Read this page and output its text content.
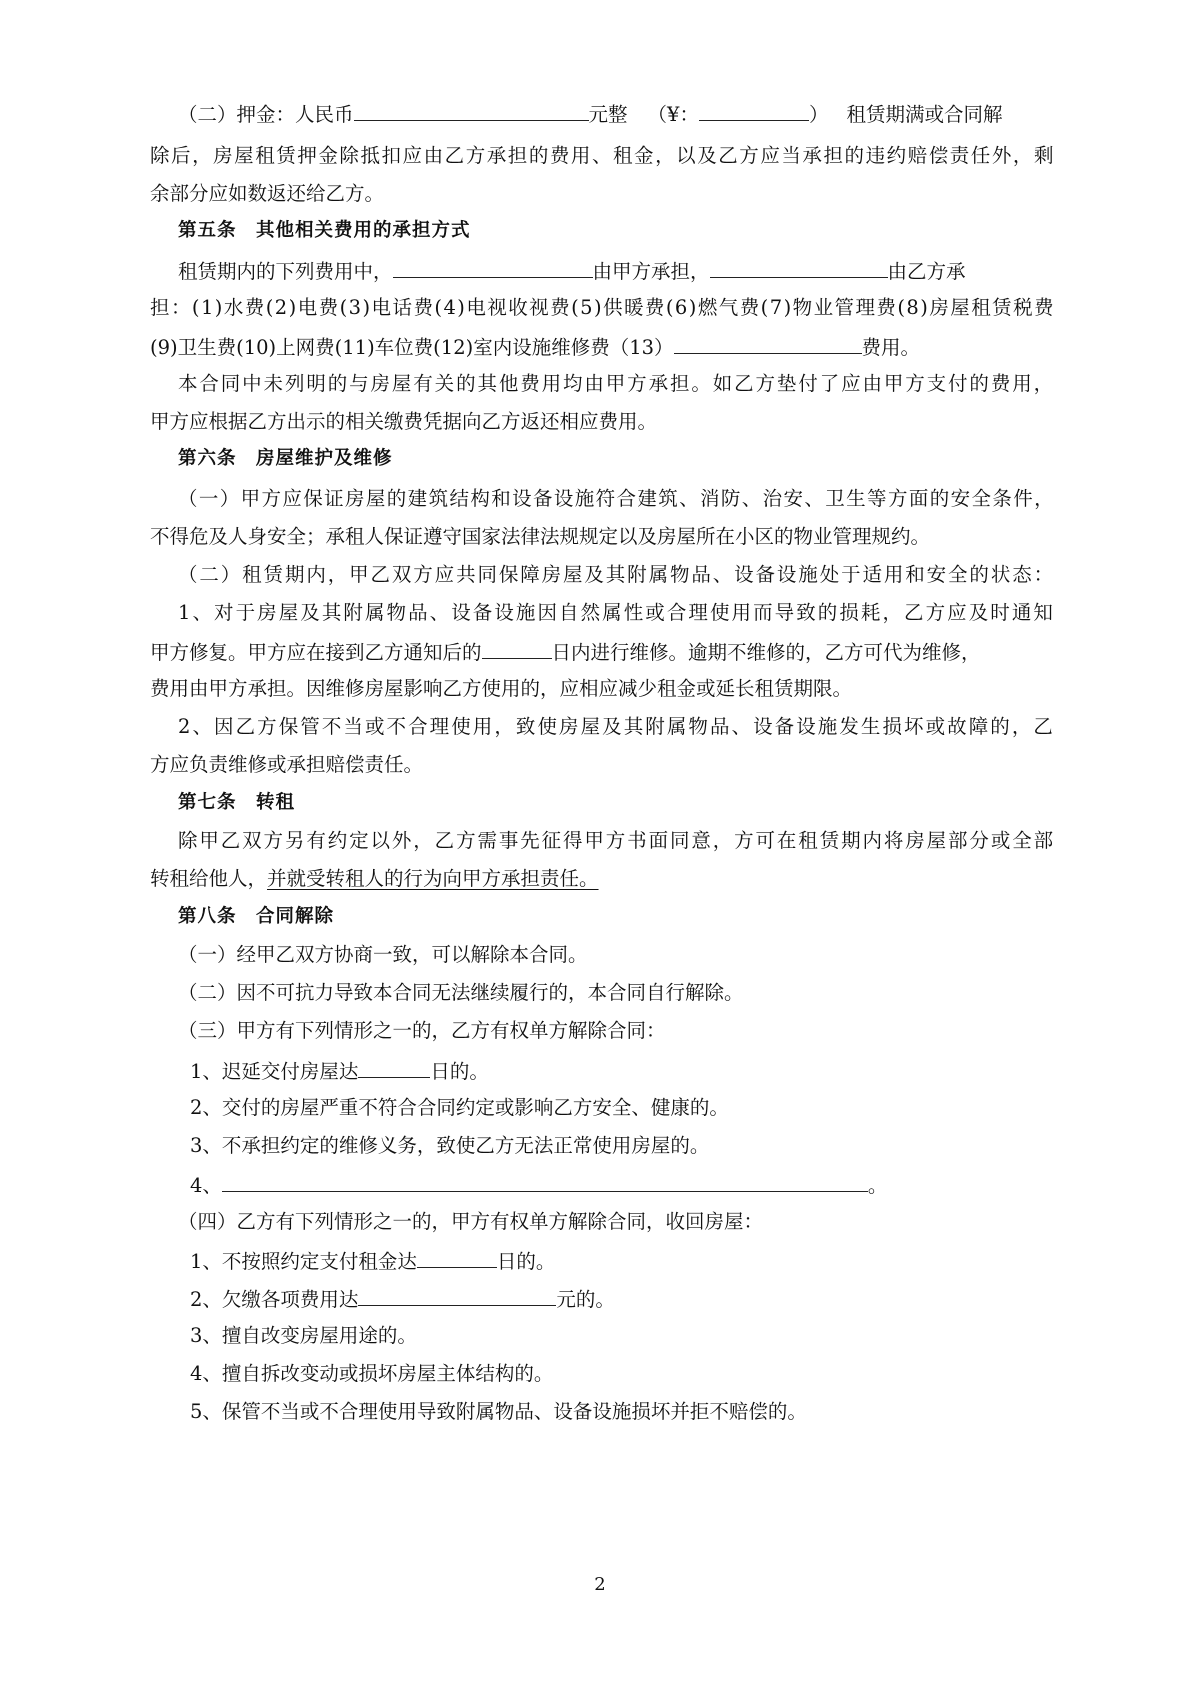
（二）押金：人民币	元整 （¥：	） 租赁期满或合同解
除后，房屋租赁押金除抵扣应由乙方承担的费用、租金，以及乙方应当承担的违约赔偿责任外，剩
余部分应如数返还给乙方。
第五条　其他相关费用的承担方式
租赁期内的下列费用中，	由甲方承担，	由乙方承
担：(1)水费(2)电费(3)电话费(4)电视收视费(5)供暖费(6)燃气费(7)物业管理费(8)房屋租赁税费
(9)卫生费(10)上网费(11)车位费(12)室内设施维修费（13）	费用。
本合同中未列明的与房屋有关的其他费用均由甲方承担。如乙方垫付了应由甲方支付的费用，
甲方应根据乙方出示的相关缴费凭据向乙方返还相应费用。
第六条　房屋维护及维修
（一）甲方应保证房屋的建筑结构和设备设施符合建筑、消防、治安、卫生等方面的安全条件，
不得危及人身安全；承租人保证遵守国家法律法规规定以及房屋所在小区的物业管理规约。
（二）租赁期内，甲乙双方应共同保障房屋及其附属物品、设备设施处于适用和安全的状态：
1、对于房屋及其附属物品、设备设施因自然属性或合理使用而导致的损耗，乙方应及时通知
甲方修复。甲方应在接到乙方通知后的	日内进行维修。逾期不维修的，乙方可代为维修，
费用由甲方承担。因维修房屋影响乙方使用的，应相应减少租金或延长租赁期限。
2、因乙方保管不当或不合理使用，致使房屋及其附属物品、设备设施发生损坏或故障的，乙
方应负责维修或承担赔偿责任。
第七条　转租
除甲乙双方另有约定以外，乙方需事先征得甲方书面同意，方可在租赁期内将房屋部分或全部
转租给他人，并就受转租人的行为向甲方承担责任。
第八条　合同解除
（一）经甲乙双方协商一致，可以解除本合同。
（二）因不可抗力导致本合同无法继续履行的，本合同自行解除。
（三）甲方有下列情形之一的，乙方有权单方解除合同：
1、迟延交付房屋达	日的。
2、交付的房屋严重不符合合同约定或影响乙方安全、健康的。
3、不承担约定的维修义务，致使乙方无法正常使用房屋的。
4、	。
（四）乙方有下列情形之一的，甲方有权单方解除合同，收回房屋：
1、不按照约定支付租金达	日的。
2、欠缴各项费用达	元的。
3、擅自改变房屋用途的。
4、擅自拆改变动或损坏房屋主体结构的。
5、保管不当或不合理使用导致附属物品、设备设施损坏并拒不赔偿的。
2
